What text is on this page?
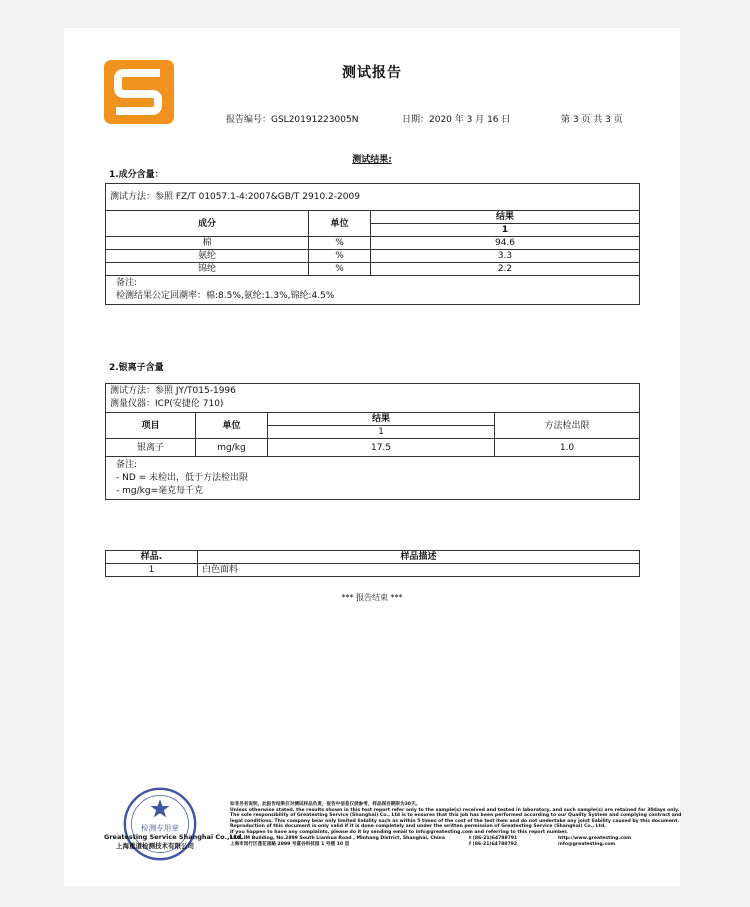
测试报告
报告编号：GSL20191223005N	日期：2020 年 3 月 16 日	第 3 页 共 3 页
测试结果:
1.成分含量：
测试方法：参照 FZ/T 01057.1-4:2007&GB/T 2910.2-2009		
成分	单位	结果
		1
棉	%	94.6
氨纶	%	3.3
锦纶	%	2.2

备注:
检测结果公定回潮率：棉:8.5%,氨纶:1.3%,锦纶:4.5%		
2.银离子含量
测试方法：参照 JY/T015-1996
测量仪器：ICP(安捷伦 710)			

项目	单位	结果	方法检出限
		1	
银离子	mg/kg	17.5	1.0

备注:
- ND = 未检出，低于方法检出限
- mg/kg=毫克每千克			
样品.	样品描述
1	白色面料
*** 报告结束 ***
检测专用章
Greatesting Service Shanghai Co.,Ltd.
上海重道检测技术有限公司
如非另有说明，此报告结果仅对测试样品负责，报告中信息仅供参考，样品保存期限为30天。
Unless otherwise stated, the results shown in this test report refer only to the sample(s) received and tested in laboratory, and such sample(s) are retained for 30days only.
The sole responsibility of Greatesting Service (Shanghai) Co., Ltd is to ensures that this job has been performed according to our Quality System and complying contract and
legal conditions. This company bear only limited liability such as within 5 times of the cost of the test item and do not undertake any joint liability caused by this document.
Reproduction of this document is only valid if it is done completely and under the written permission of Greatesting Service (Shanghai) Co., Ltd.
If you happen to have any complaints, please do it by sending email to info@greatesting.com and referring to this report number.
19/F, IM Building, No.2899 South Lianhua Road , Minhang District, Shanghai, China
上海市闵行区莲花南路 2899 号富谷科技园 1 号楼 10 层
t (86-21)64788791
f (86-21)64788792
http://www.greatesting.com
info@greatesting.com
